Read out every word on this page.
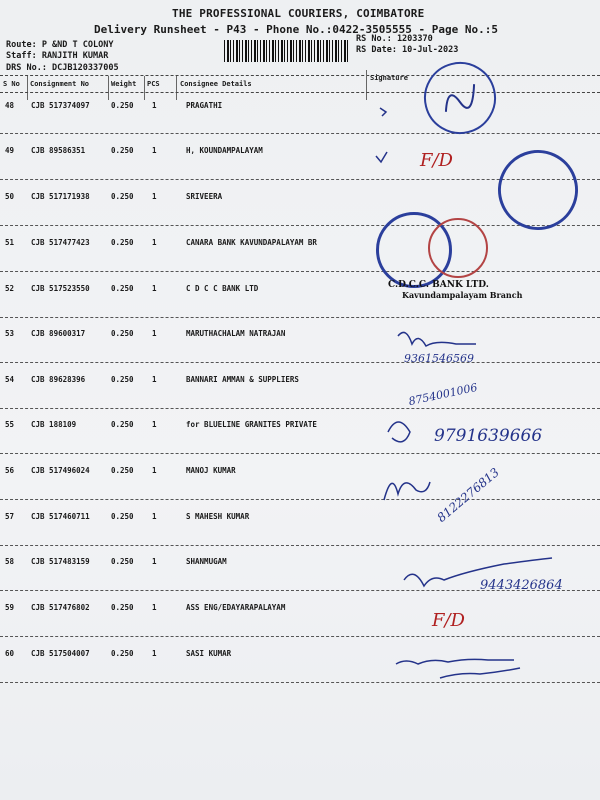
THE PROFESSIONAL COURIERS, COIMBATORE
Delivery Runsheet - P43 - Phone No.:0422-3505555 - Page No.:5
Route: P &ND T COLONY
Staff: RANJITH KUMAR
DRS No.: DCJB120337005
RS No.: 1203370
RS Date: 10-Jul-2023
S No Consignment No	Weight PCS	Consignee Details
Signature
48 CJB 517374097	0.250 1	PRAGATHI
49 CJB 89586351	0.250 1	H, KOUNDAMPALAYAM
50 CJB 517171938	0.250 1	SRIVEERA
51 CJB 517477423	0.250 1	CANARA BANK KAVUNDAPALAYAM BR
52 CJB 517523550	0.250 1	C D C C BANK LTD
53 CJB 89600317	0.250 1	MARUTHACHALAM NATRAJAN
54 CJB 89628396	0.250 1	BANNARI AMMAN & SUPPLIERS
55 CJB 188109	0.250 1	for BLUELINE GRANITES PRIVATE
56 CJB 517496024	0.250 1	MANOJ KUMAR
57 CJB 517460711	0.250 1	S MAHESH KUMAR
58 CJB 517483159	0.250 1	SHANMUGAM
59 CJB 517476802	0.250 1	ASS ENG/EDAYARAPALAYAM
60 CJB 517504007	0.250 1	SASI KUMAR
F/D
F/D
9361546569
8754001006
9791639666
8122276813
9443426864
C.D.C.C. BANK LTD.
Kavundampalayam Branch
